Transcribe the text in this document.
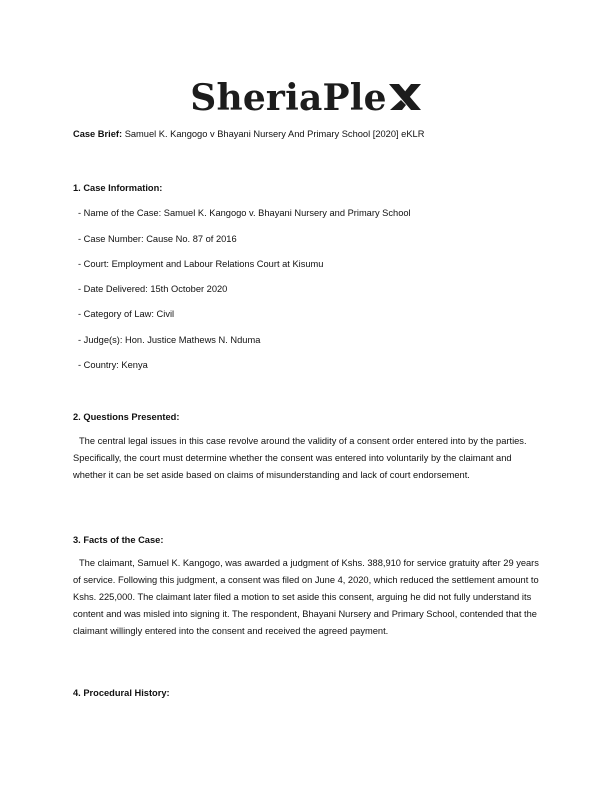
SheriaPle
Case Brief: Samuel K. Kangogo v Bhayani Nursery And Primary School [2020] eKLR
1. Case Information:
- Name of the Case: Samuel K. Kangogo v. Bhayani Nursery and Primary School
- Case Number: Cause No. 87 of 2016
- Court: Employment and Labour Relations Court at Kisumu
- Date Delivered: 15th October 2020
- Category of Law: Civil
- Judge(s): Hon. Justice Mathews N. Nduma
- Country: Kenya
2. Questions Presented:
The central legal issues in this case revolve around the validity of a consent order entered into by the parties. Specifically, the court must determine whether the consent was entered into voluntarily by the claimant and whether it can be set aside based on claims of misunderstanding and lack of court endorsement.
3. Facts of the Case:
The claimant, Samuel K. Kangogo, was awarded a judgment of Kshs. 388,910 for service gratuity after 29 years of service. Following this judgment, a consent was filed on June 4, 2020, which reduced the settlement amount to Kshs. 225,000. The claimant later filed a motion to set aside this consent, arguing he did not fully understand its content and was misled into signing it. The respondent, Bhayani Nursery and Primary School, contended that the claimant willingly entered into the consent and received the agreed payment.
4. Procedural History:
